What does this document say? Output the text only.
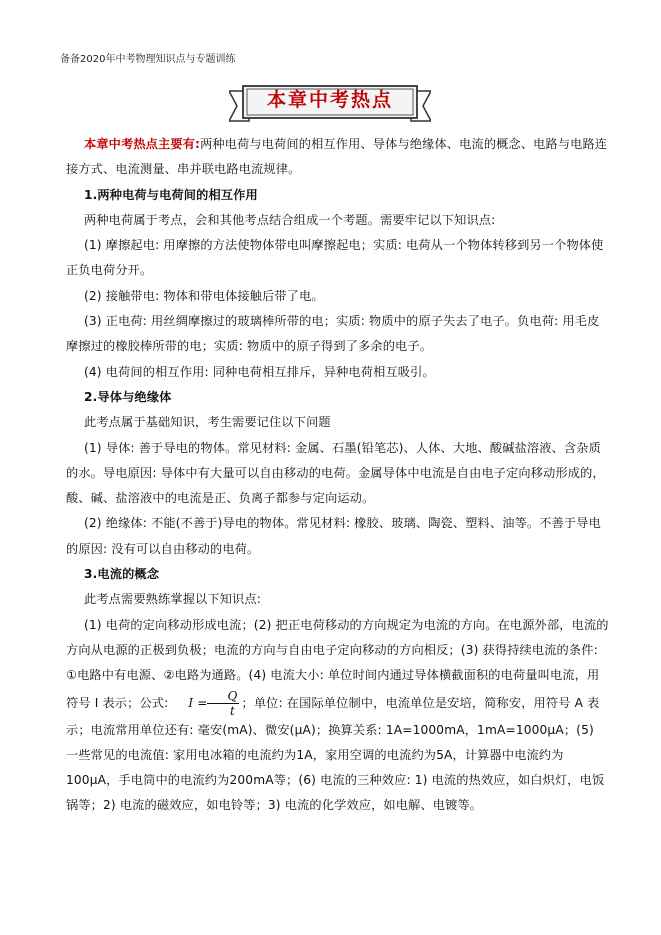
备备2020年中考物理知识点与专题训练
本章中考热点

本章中考热点主要有:两种电荷与电荷间的相互作用、导体与绝缘体、电流的概念、电路与电路连接方式、电流测量、串并联电路电流规律。

1.两种电荷与电荷间的相互作用

两种电荷属于考点，会和其他考点结合组成一个考题。需要牢记以下知识点:

(1) 摩擦起电: 用摩擦的方法使物体带电叫摩擦起电；实质: 电荷从一个物体转移到另一个物体使正负电荷分开。

(2) 接触带电: 物体和带电体接触后带了电。

(3) 正电荷: 用丝绸摩擦过的玻璃棒所带的电；实质: 物质中的原子失去了电子。负电荷: 用毛皮摩擦过的橡胶棒所带的电；实质: 物质中的原子得到了多余的电子。

(4) 电荷间的相互作用: 同种电荷相互排斥，异种电荷相互吸引。

2.导体与绝缘体

此考点属于基础知识，考生需要记住以下问题

(1) 导体: 善于导电的物体。常见材料: 金属、石墨(铅笔芯)、人体、大地、酸碱盐溶液、含杂质的水。导电原因: 导体中有大量可以自由移动的电荷。金属导体中电流是自由电子定向移动形成的，酸、碱、盐溶液中的电流是正、负离子都参与定向运动。

(2) 绝缘体: 不能(不善于)导电的物体。常见材料: 橡胶、玻璃、陶瓷、塑料、油等。不善于导电的原因: 没有可以自由移动的电荷。

3.电流的概念

此考点需要熟练掌握以下知识点:

(1) 电荷的定向移动形成电流；(2) 把正电荷移动的方向规定为电流的方向。在电源外部，电流的方向从电源的正极到负极；电流的方向与自由电子定向移动的方向相反；(3) 获得持续电流的条件: ①电路中有电源、②电路为通路。(4) 电流大小: 单位时间内通过导体横截面积的电荷量叫电流，用符号 I 表示；公式: $I = \frac{Q}{t}$ ；单位: 在国际单位制中，电流单位是安培，简称安，用符号 A 表示；电流常用单位还有: 毫安(mA)、微安(μA)；换算关系: 1A=1000mA，1mA=1000μA；(5) 一些常见的电流值: 家用电冰箱的电流约为1A，家用空调的电流约为5A，计算器中电流约为100μA，手电筒中的电流约为200mA等；(6) 电流的三种效应: 1) 电流的热效应，如白炽灯，电饭锅等；2) 电流的磁效应，如电铃等；3) 电流的化学效应，如电解、电镀等。
